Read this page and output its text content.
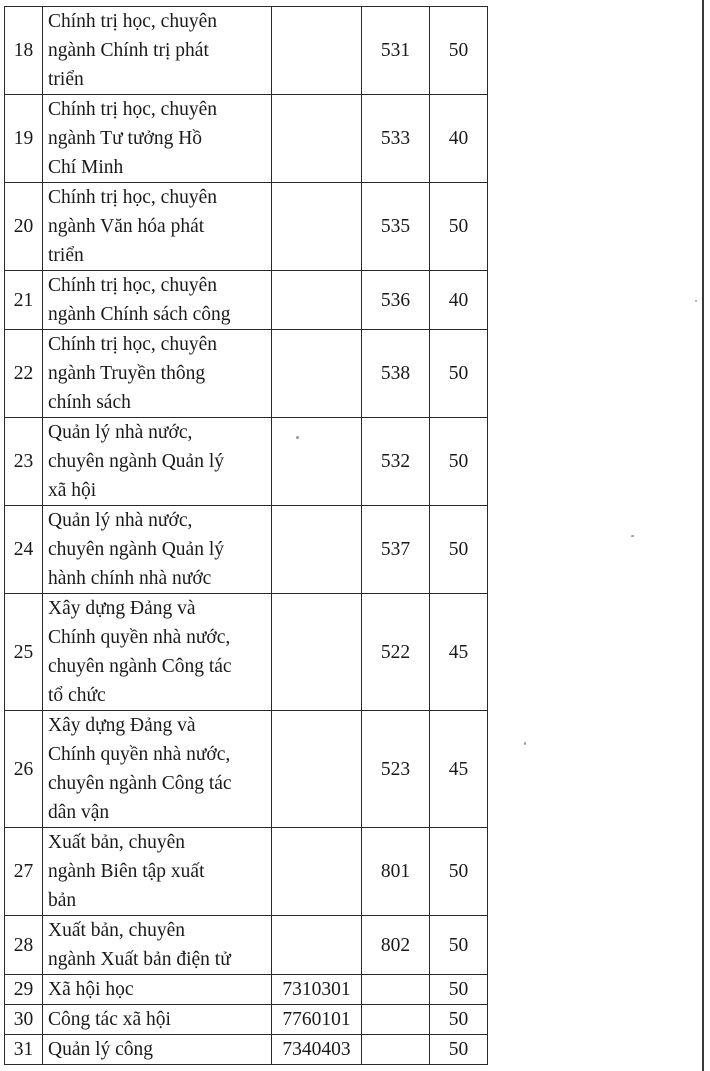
18	Chính trị học, chuyên
ngành Chính trị phát
triển		531	50
19	Chính trị học, chuyên
ngành Tư tưởng Hồ
Chí Minh		533	40
20	Chính trị học, chuyên
ngành Văn hóa phát
triển		535	50
21	Chính trị học, chuyên
ngành Chính sách công		536	40
22	Chính trị học, chuyên
ngành Truyền thông
chính sách		538	50
23	Quản lý nhà nước,
chuyên ngành Quản lý
xã hội		532	50
24	Quản lý nhà nước,
chuyên ngành Quản lý
hành chính nhà nước		537	50
25	Xây dựng Đảng và
Chính quyền nhà nước,
chuyên ngành Công tác
tổ chức		522	45
26	Xây dựng Đảng và
Chính quyền nhà nước,
chuyên ngành Công tác
dân vận		523	45
27	Xuất bản, chuyên
ngành Biên tập xuất
bản		801	50
28	Xuất bản, chuyên
ngành Xuất bản điện tử		802	50
29	Xã hội học	7310301		50
30	Công tác xã hội	7760101		50
31	Quản lý công	7340403		50
